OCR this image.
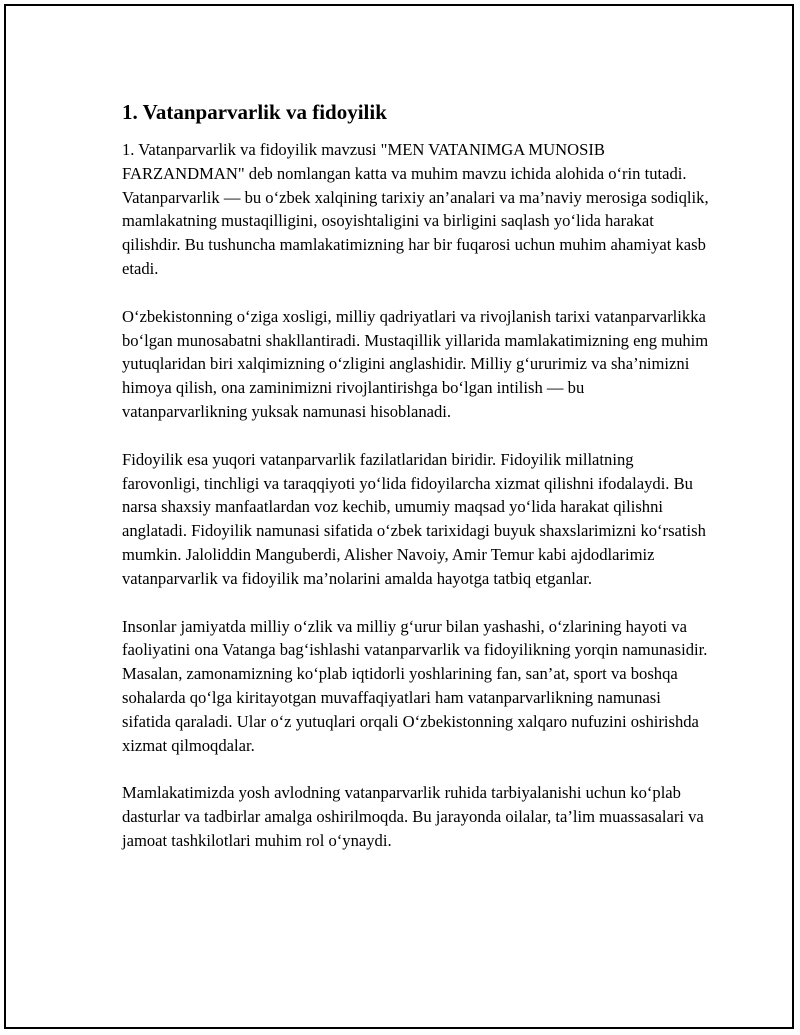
1. Vatanparvarlik va fidoyilik

1. Vatanparvarlik va fidoyilik mavzusi "MEN VATANIMGA MUNOSIB FARZANDMAN" deb nomlangan katta va muhim mavzu ichida alohida o‘rin tutadi. Vatanparvarlik — bu o‘zbek xalqining tarixiy an’analari va ma’naviy merosiga sodiqlik, mamlakatning mustaqilligini, osoyishtaligini va birligini saqlash yo‘lida harakat qilishdir. Bu tushuncha mamlakatimizning har bir fuqarosi uchun muhim ahamiyat kasb etadi.

O‘zbekistonning o‘ziga xosligi, milliy qadriyatlari va rivojlanish tarixi vatanparvarlikka bo‘lgan munosabatni shakllantiradi. Mustaqillik yillarida mamlakatimizning eng muhim yutuqlaridan biri xalqimizning o‘zligini anglashidir. Milliy g‘ururimiz va sha’nimizni himoya qilish, ona zaminimizni rivojlantirishga bo‘lgan intilish — bu vatanparvarlikning yuksak namunasi hisoblanadi.

Fidoyilik esa yuqori vatanparvarlik fazilatlaridan biridir. Fidoyilik millatning farovonligi, tinchligi va taraqqiyoti yo‘lida fidoyilarcha xizmat qilishni ifodalaydi. Bu narsa shaxsiy manfaatlardan voz kechib, umumiy maqsad yo‘lida harakat qilishni anglatadi. Fidoyilik namunasi sifatida o‘zbek tarixidagi buyuk shaxslarimizni ko‘rsatish mumkin. Jaloliddin Manguberdi, Alisher Navoiy, Amir Temur kabi ajdodlarimiz vatanparvarlik va fidoyilik ma’nolarini amalda hayotga tatbiq etganlar.

Insonlar jamiyatda milliy o‘zlik va milliy g‘urur bilan yashashi, o‘zlarining hayoti va faoliyatini ona Vatanga bag‘ishlashi vatanparvarlik va fidoyilikning yorqin namunasidir. Masalan, zamonamizning ko‘plab iqtidorli yoshlarining fan, san’at, sport va boshqa sohalarda qo‘lga kiritayotgan muvaffaqiyatlari ham vatanparvarlikning namunasi sifatida qaraladi. Ular o‘z yutuqlari orqali O‘zbekistonning xalqaro nufuzini oshirishda xizmat qilmoqdalar.

Mamlakatimizda yosh avlodning vatanparvarlik ruhida tarbiyalanishi uchun ko‘plab dasturlar va tadbirlar amalga oshirilmoqda. Bu jarayonda oilalar, ta’lim muassasalari va jamoat tashkilotlari muhim rol o‘ynaydi.
